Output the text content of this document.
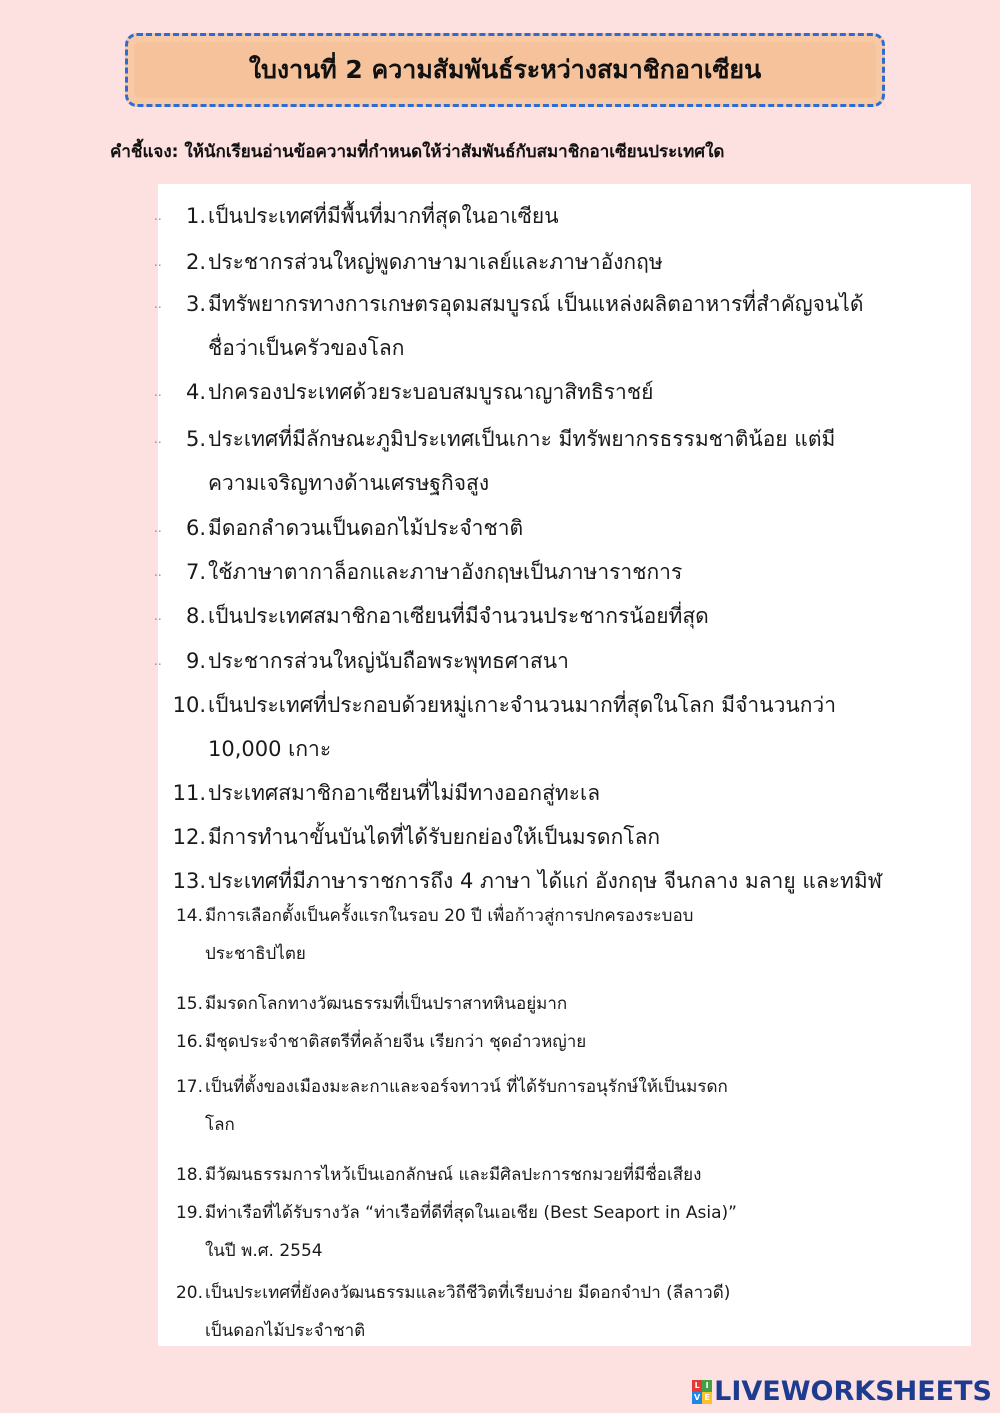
ใบงานที่ 2 ความสัมพันธ์ระหว่างสมาชิกอาเซียน
คำชี้แจง: ให้นักเรียนอ่านข้อความที่กำหนดให้ว่าสัมพันธ์กับสมาชิกอาเซียนประเทศใด
..	1. เป็นประเทศที่มีพื้นที่มากที่สุดในอาเซียน
..	2. ประชากรส่วนใหญ่พูดภาษามาเลย์และภาษาอังกฤษ
..	3. มีทรัพยากรทางการเกษตรอุดมสมบูรณ์ เป็นแหล่งผลิตอาหารที่สำคัญจนได้
ชื่อว่าเป็นครัวของโลก
..	4. ปกครองประเทศด้วยระบอบสมบูรณาญาสิทธิราชย์
..	5. ประเทศที่มีลักษณะภูมิประเทศเป็นเกาะ มีทรัพยากรธรรมชาติน้อย แต่มี
ความเจริญทางด้านเศรษฐกิจสูง
..	6. มีดอกลำดวนเป็นดอกไม้ประจำชาติ
..	7. ใช้ภาษาตากาล็อกและภาษาอังกฤษเป็นภาษาราชการ
..	8. เป็นประเทศสมาชิกอาเซียนที่มีจำนวนประชากรน้อยที่สุด
..	9. ประชากรส่วนใหญ่นับถือพระพุทธศาสนา
10. เป็นประเทศที่ประกอบด้วยหมู่เกาะจำนวนมากที่สุดในโลก มีจำนวนกว่า
10,000 เกาะ
11. ประเทศสมาชิกอาเซียนที่ไม่มีทางออกสู่ทะเล
12. มีการทำนาขั้นบันไดที่ได้รับยกย่องให้เป็นมรดกโลก
13. ประเทศที่มีภาษาราชการถึง 4 ภาษา ได้แก่ อังกฤษ จีนกลาง มลายู และทมิฬ
14. มีการเลือกตั้งเป็นครั้งแรกในรอบ 20 ปี เพื่อก้าวสู่การปกครองระบอบ
ประชาธิปไตย
15. มีมรดกโลกทางวัฒนธรรมที่เป็นปราสาทหินอยู่มาก
16. มีชุดประจำชาติสตรีที่คล้ายจีน เรียกว่า ชุดอ๋าวหญ่าย
17. เป็นที่ตั้งของเมืองมะละกาและจอร์จทาวน์ ที่ได้รับการอนุรักษ์ให้เป็นมรดก
โลก
18. มีวัฒนธรรมการไหว้เป็นเอกลักษณ์ และมีศิลปะการชกมวยที่มีชื่อเสียง
19. มีท่าเรือที่ได้รับรางวัล “ท่าเรือที่ดีที่สุดในเอเชีย (Best Seaport in Asia)”
ในปี พ.ศ. 2554
20. เป็นประเทศที่ยังคงวัฒนธรรมและวิถีชีวิตที่เรียบง่าย มีดอกจำปา (ลีลาวดี)
เป็นดอกไม้ประจำชาติ
L I
V E LIVEWORKSHEETS
